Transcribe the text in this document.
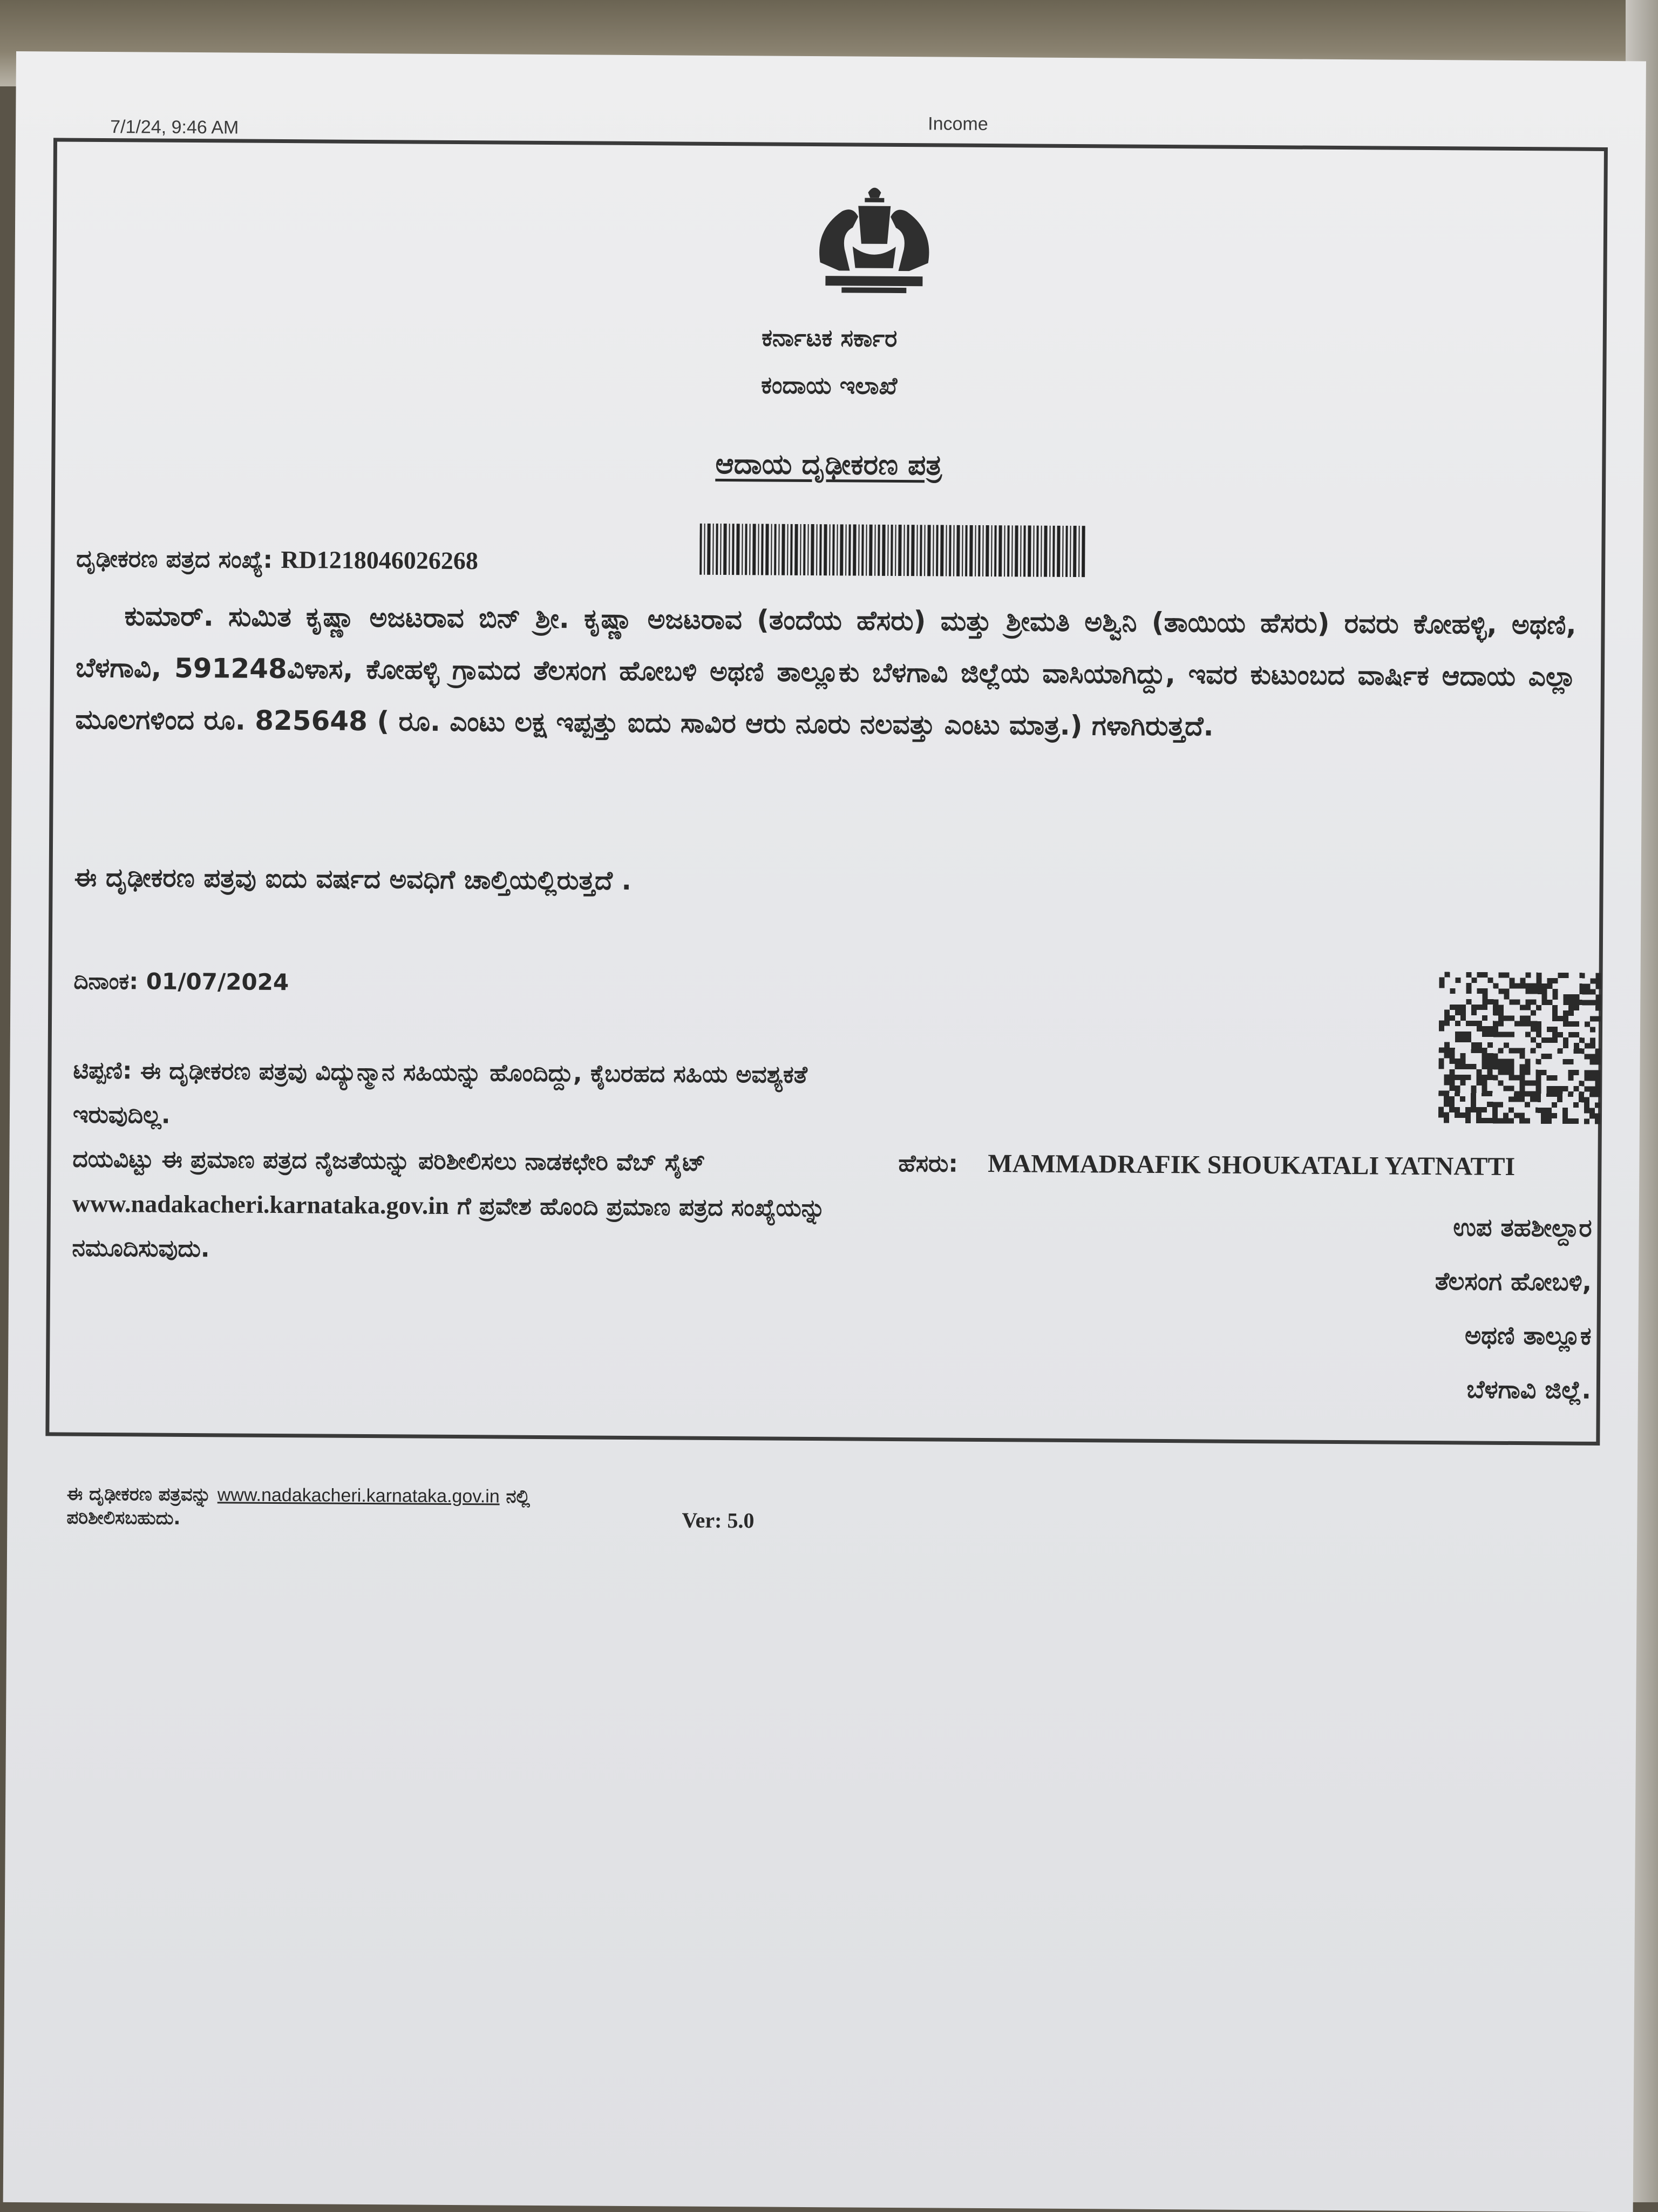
7/1/24, 9:46 AM	Income
ಕರ್ನಾಟಕ ಸರ್ಕಾರ
ಕಂದಾಯ ಇಲಾಖೆ
ಆದಾಯ ದೃಢೀಕರಣ ಪತ್ರ
ದೃಢೀಕರಣ ಪತ್ರದ ಸಂಖ್ಯೆ: RD1218046026268
ಕುಮಾರ್. ಸುಮಿತ ಕೃಷ್ಣಾ ಅಜಟರಾವ ಬಿನ್ ಶ್ರೀ. ಕೃಷ್ಣಾ ಅಜಟರಾವ (ತಂದೆಯ ಹೆಸರು) ಮತ್ತು ಶ್ರೀಮತಿ ಅಶ್ವಿನಿ (ತಾಯಿಯ ಹೆಸರು) ರವರು ಕೋಹಳ್ಳಿ, ಅಥಣಿ, ಬೆಳಗಾವಿ, 591248ವಿಳಾಸ, ಕೋಹಳ್ಳಿ ಗ್ರಾಮದ ತೆಲಸಂಗ ಹೋಬಳಿ ಅಥಣಿ ತಾಲ್ಲೂಕು ಬೆಳಗಾವಿ ಜಿಲ್ಲೆಯ ವಾಸಿಯಾಗಿದ್ದು, ಇವರ ಕುಟುಂಬದ ವಾರ್ಷಿಕ ಆದಾಯ ಎಲ್ಲಾ ಮೂಲಗಳಿಂದ ರೂ. 825648 ( ರೂ. ಎಂಟು ಲಕ್ಷ ಇಪ್ಪತ್ತು ಐದು ಸಾವಿರ ಆರು ನೂರು ನಲವತ್ತು ಎಂಟು ಮಾತ್ರ.) ಗಳಾಗಿರುತ್ತದೆ.
ಈ ದೃಢೀಕರಣ ಪತ್ರವು ಐದು ವರ್ಷದ ಅವಧಿಗೆ ಚಾಲ್ತಿಯಲ್ಲಿರುತ್ತದೆ .
ದಿನಾಂಕ: 01/07/2024
ಟಿಪ್ಪಣಿ: ಈ ದೃಢೀಕರಣ ಪತ್ರವು ವಿದ್ಯುನ್ಮಾನ ಸಹಿಯನ್ನು ಹೊಂದಿದ್ದು, ಕೈಬರಹದ ಸಹಿಯ ಅವಶ್ಯಕತೆ ಇರುವುದಿಲ್ಲ.
ದಯವಿಟ್ಟು ಈ ಪ್ರಮಾಣ ಪತ್ರದ ನೈಜತೆಯನ್ನು ಪರಿಶೀಲಿಸಲು ನಾಡಕಛೇರಿ ವೆಬ್ ಸೈಟ್ www.nadakacheri.karnataka.gov.in ಗೆ ಪ್ರವೇಶ ಹೊಂದಿ ಪ್ರಮಾಣ ಪತ್ರದ ಸಂಖ್ಯೆಯನ್ನು ನಮೂದಿಸುವುದು.
ಹೆಸರು: MAMMADRAFIK SHOUKATALI YATNATTI
ಉಪ ತಹಶೀಲ್ದಾರ
ತೆಲಸಂಗ ಹೋಬಳಿ,
ಅಥಣಿ ತಾಲ್ಲೂಕ
ಬೆಳಗಾವಿ ಜಿಲ್ಲೆ.
ಈ ದೃಢೀಕರಣ ಪತ್ರವನ್ನು www.nadakacheri.karnataka.gov.in ನಲ್ಲಿ
ಪರಿಶೀಲಿಸಬಹುದು.	Ver: 5.0
